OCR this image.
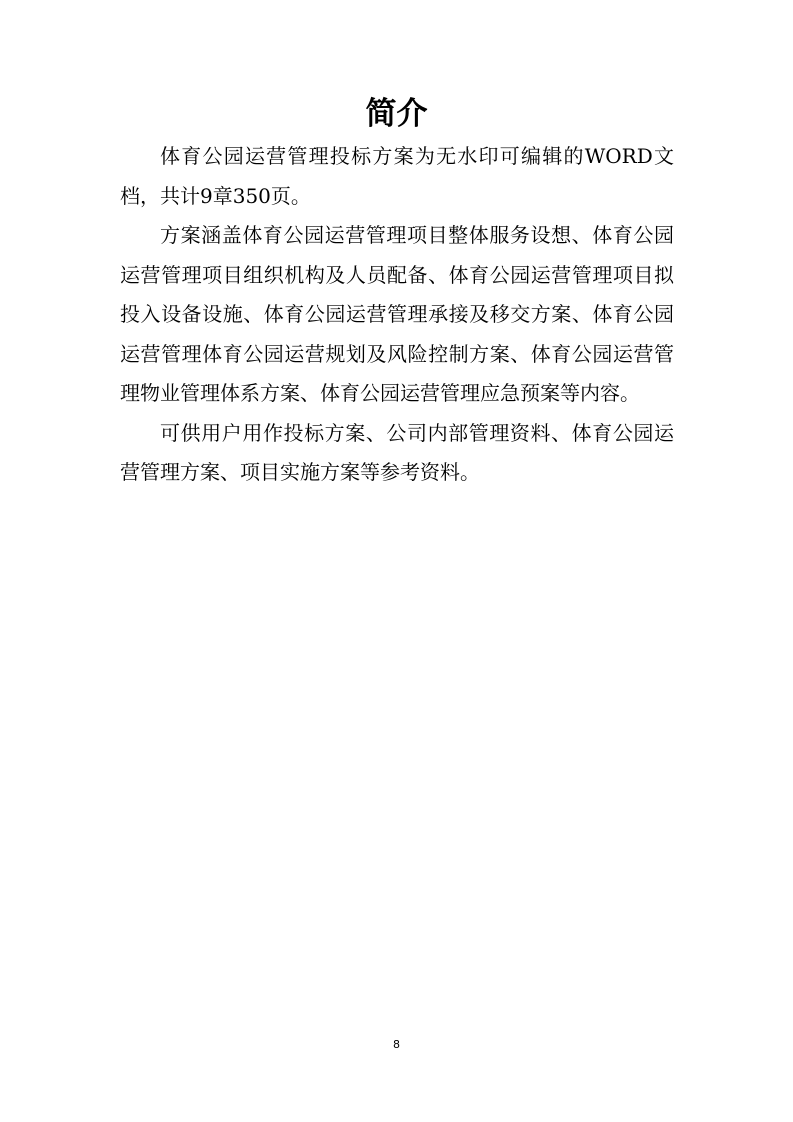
简介

体育公园运营管理投标方案为无水印可编辑的WORD文档，共计9章350页。

方案涵盖体育公园运营管理项目整体服务设想、体育公园运营管理项目组织机构及人员配备、体育公园运营管理项目拟投入设备设施、体育公园运营管理承接及移交方案、体育公园运营管理体育公园运营规划及风险控制方案、体育公园运营管理物业管理体系方案、体育公园运营管理应急预案等内容。

可供用户用作投标方案、公司内部管理资料、体育公园运营管理方案、项目实施方案等参考资料。

8
